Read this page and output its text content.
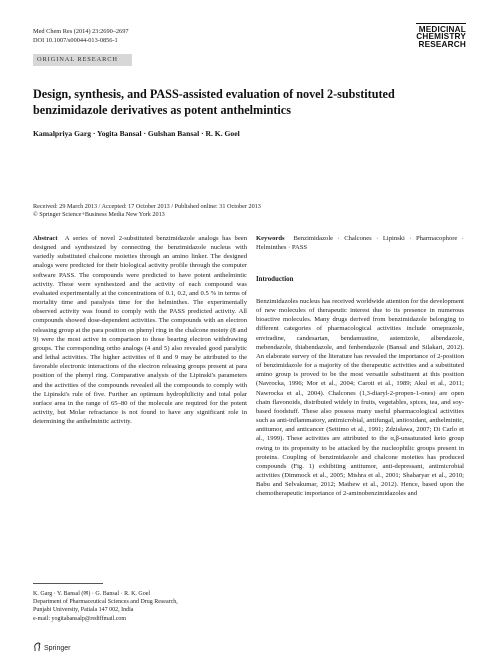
Med Chem Res (2014) 23:2690–2697
DOI 10.1007/s00044-013-0856-1
MEDICINAL
CHEMISTRY
RESEARCH
ORIGINAL RESEARCH
Design, synthesis, and PASS-assisted evaluation of novel 2-substituted benzimidazole derivatives as potent anthelmintics
Kamalpriya Garg · Yogita Bansal · Gulshan Bansal · R. K. Goel
Received: 29 March 2013 / Accepted: 17 October 2013 / Published online: 31 October 2013
© Springer Science+Business Media New York 2013

Abstract A series of novel 2-substituted benzimidazole analogs has been designed and synthesized by connecting the benzimidazole nucleus with variedly substituted chalcone moieties through an amino linker. The designed analogs were predicted for their biological activity profile through the computer software PASS. The compounds were predicted to have potent anthelmintic activity. These were synthesized and the activity of each compound was evaluated experimentally at the concentrations of 0.1, 0.2, and 0.5 % in terms of mortality time and paralysis time for the helminthes. The experimentally observed activity was found to comply with the PASS predicted activity. All compounds showed dose-dependent activities. The compounds with an electron releasing group at the para position on phenyl ring in the chalcone moiety (8 and 9) were the most active in comparison to those bearing electron withdrawing groups. The corresponding ortho analogs (4 and 5) also revealed good paralytic and lethal activities. The higher activities of 8 and 9 may be attributed to the favorable electronic interactions of the electron releasing groups present at para position of the phenyl ring. Comparative analysis of the Lipinski's parameters and the activities of the compounds revealed all the compounds to comply with the Lipinski's rule of five. Further an optimum hydrophilicity and total polar surface area in the range of 65–80 of the molecule are required for the potent activity, but Molar refractance is not found to have any significant role in determining the anthelmintic activity.

Keywords Benzimidazole · Chalcones · Lipinski · Pharmacophore · Helminthes · PASS

Introduction

Benzimidazoles nucleus has received worldwide attention for the development of new molecules of therapeutic interest due to its presence in numerous bioactive molecules. Many drugs derived from benzimidazole belonging to different categories of pharmacological activities include omeprazole, enviradine, candesartan, bendamustine, astemizole, albendazole, mebendazole, thiabendazole, and fenbendazole (Bansal and Silakari, 2012). An elaborate survey of the literature has revealed the importance of 2-position of benzimidazole for a majority of the therapeutic activities and a substituted amino group is proved to be the most versatile substituent at this position (Navrocka, 1996; Mor et al., 2004; Caroti et al., 1989; Akul et al., 2011; Nawrocka et al., 2004). Chalcones (1,3-diaryl-2-propen-1-ones) are open chain flavonoids, distributed widely in fruits, vegetables, spices, tea, and soy-based foodstuff. These also possess many useful pharmacological activities such as anti-inflammatory, antimicrobial, antifungal, antioxidant, anthelmintic, antitumor, and anticancer (Settimo et al., 1991; Zdzisława, 2007; Di Carlo et al., 1999). These activities are attributed to the α,β-unsaturated keto group owing to its propensity to be attacked by the nucleophilic groups present in proteins. Coupling of benzimidazole and chalcone moieties has produced compounds (Fig. 1) exhibiting antitumor, anti-depressant, antimicrobial activities (Dimmock et al., 2005; Mishra et al., 2001; Shaharyar et al., 2010; Babu and Selvakumar, 2012; Mathew et al., 2012). Hence, based upon the chemotherapeutic importance of 2-aminobenzimidazoles and

K. Garg · Y. Bansal (✉) · G. Bansal · R. K. Goel
Department of Pharmaceutical Sciences and Drug Research,
Punjabi University, Patiala 147 002, India
e-mail: yogitabansalp@rediffmail.com
Springer
